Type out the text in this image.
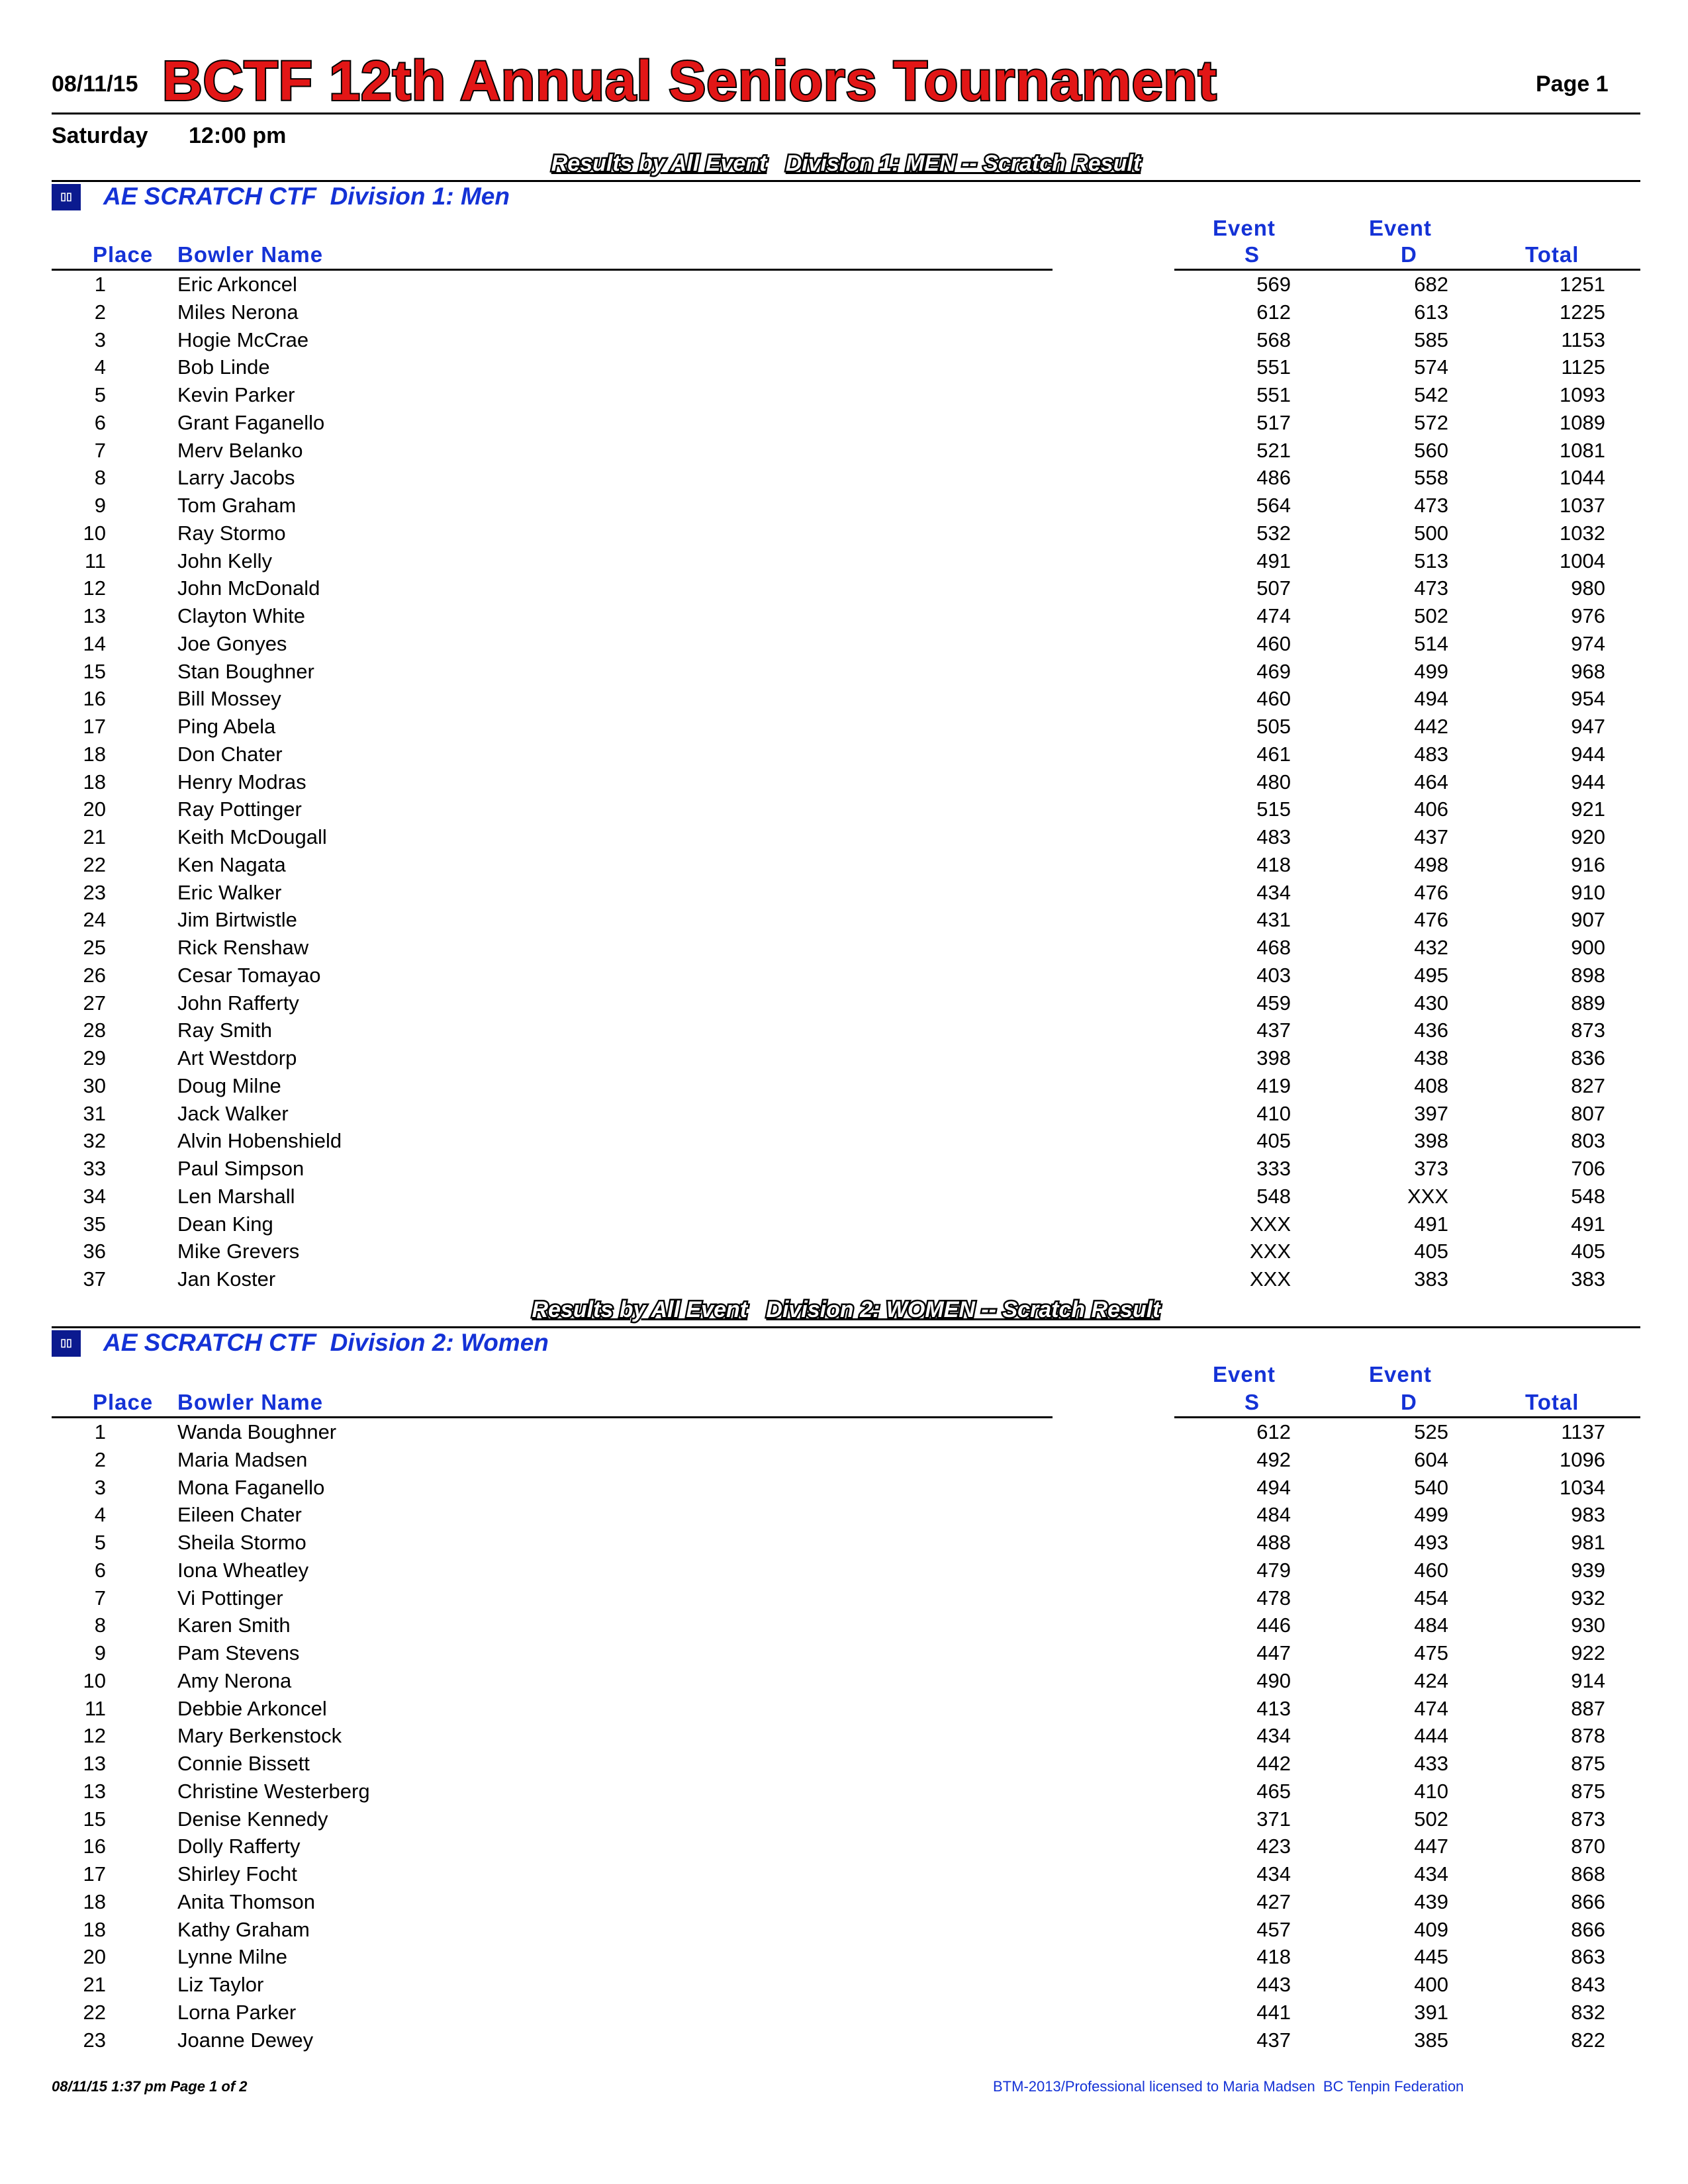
08/11/15 BCTF 12th Annual Seniors Tournament	Page 1
Saturday 12:00 pm
Results by All Event Division 1: MEN -- Scratch Result
▯▯	AE SCRATCH CTF  Division 1: Men
Event	Event
Place Bowler Name	S	D	Total
1	Eric Arkoncel	569	682	1251
2	Miles Nerona	612	613	1225
3	Hogie McCrae	568	585	1153
4	Bob Linde	551	574	1125
5	Kevin Parker	551	542	1093
6	Grant Faganello	517	572	1089
7	Merv Belanko	521	560	1081
8	Larry Jacobs	486	558	1044
9	Tom Graham	564	473	1037
10	Ray Stormo	532	500	1032
11	John Kelly	491	513	1004
12	John McDonald	507	473	980
13	Clayton White	474	502	976
14	Joe Gonyes	460	514	974
15	Stan Boughner	469	499	968
16	Bill Mossey	460	494	954
17	Ping Abela	505	442	947
18	Don Chater	461	483	944
18	Henry Modras	480	464	944
20	Ray Pottinger	515	406	921
21	Keith McDougall	483	437	920
22	Ken Nagata	418	498	916
23	Eric Walker	434	476	910
24	Jim Birtwistle	431	476	907
25	Rick Renshaw	468	432	900
26	Cesar Tomayao	403	495	898
27	John Rafferty	459	430	889
28	Ray Smith	437	436	873
29	Art Westdorp	398	438	836
30	Doug Milne	419	408	827
31	Jack Walker	410	397	807
32	Alvin Hobenshield	405	398	803
33	Paul Simpson	333	373	706
34	Len Marshall	548	XXX	548
35	Dean King	XXX	491	491
36	Mike Grevers	XXX	405	405
37	Jan Koster	XXX	383	383
Results by All Event Division 2: WOMEN -- Scratch Result
▯▯	AE SCRATCH CTF  Division 2: Women
Event	Event
Place Bowler Name	S	D	Total
1	Wanda Boughner	612	525	1137
2	Maria Madsen	492	604	1096
3	Mona Faganello	494	540	1034
4	Eileen Chater	484	499	983
5	Sheila Stormo	488	493	981
6	Iona Wheatley	479	460	939
7	Vi Pottinger	478	454	932
8	Karen Smith	446	484	930
9	Pam Stevens	447	475	922
10	Amy Nerona	490	424	914
11	Debbie Arkoncel	413	474	887
12	Mary Berkenstock	434	444	878
13	Connie Bissett	442	433	875
13	Christine Westerberg	465	410	875
15	Denise Kennedy	371	502	873
16	Dolly Rafferty	423	447	870
17	Shirley Focht	434	434	868
18	Anita Thomson	427	439	866
18	Kathy Graham	457	409	866
20	Lynne Milne	418	445	863
21	Liz Taylor	443	400	843
22	Lorna Parker	441	391	832
23	Joanne Dewey	437	385	822
08/11/15 1:37 pm Page 1 of 2	BTM-2013/Professional licensed to Maria Madsen  BC Tenpin Federation
